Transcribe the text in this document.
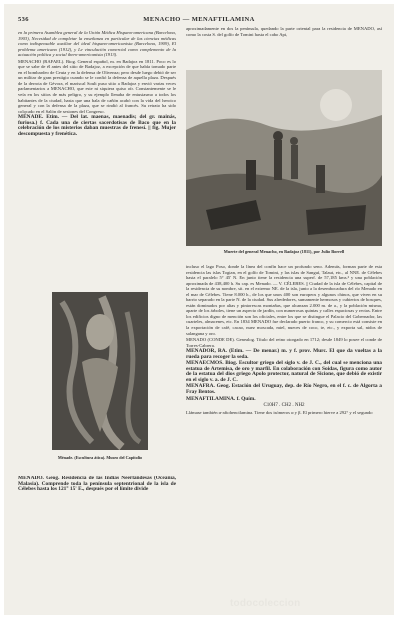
536	MENACHO — MENAFTILAMINA

en la primera Asamblea general de la Unión Médica Hispano-americana (Barcelona, 1903), Necesidad de completar la enseñanza en particular de las ciencias médicas como indispensable auxiliar del ideal hispano-americanista (Barcelona, 1909), El problema americano (1912), y Le vinculación comercial como complemento de la actuación política y social ibero-americanista (1913).

MENACHO (RAFAEL). Biog. General español, m. en Badajoz en 1811. Poco es lo que se sabe de él antes del sitio de Badajoz, a excepción de que había tomado parte en el bombardeo de Ceuta y en la defensa de Olivenza; pero desde luego debió de ser un militar de gran prestigio cuando se le confió la defensa de aquella plaza. Después de la derrota de Gévora, el mariscal Soult puso sitio a Badajoz y envió varias veces parlamentarios a MENACHO, que este ni siquiera quiso oír. Constantemente se le veía en los sitios de más peligro, y su ejemplo llenaba de entusiasmo a todos los habitantes de la ciudad, hasta que una bala de cañón acabó con la vida del heroico general y con la defensa de la plaza, que se rindió al francés. Su retrato ha sido colocado en el Salón de sesiones del Congreso.

MÉNADE. Etim. — Del lat. maenas, maenadis; del gr. mainás, furiosa.) f. Cada una de ciertas sacerdotisas de Baco que en la celebración de los misterios daban muestras de frenesí. || fig. Mujer descompuesta y frenética.

Ménade. (Escultura ática). Museo del Capitolio

MENADO. Geog. Residencia de las Indias Neerlandesas (Oceanía, Malasia). Comprende toda la península septentrional de la isla de Célebes hasta los 121° 15' E., después por el límite divide

aproximadamente en dos la península, quedando la parte oriental para la residencia de MENADO, así como la costa S. del golfo de Tomini hasta el cabo Api,

Muerte del general Menacho, en Badajoz (1811), por Julio Borrell

incluso el lago Poso, donde la línea del confín hace un profundo seno. Además, forman parte de esta residencia las islas Togian, en el golfo de Tomini, y las islas de Sanguí, Talaut, etc., al NNE. de Célebes hasta el paralelo 5° 45' N. En junto tiene la residencia una superf. de 57,185 kms.² y una población aproximada de 438,400 h. Su cap. es Menado. — V. CÉLEBES. || Ciudad de la isla de Célebes, capital de la residencia de su nombre, sit. en el extremo NE. de la isla, junto a la desembocadura del río Menado en el mar de Célebes. Tiene 8.000 h., de los que unos 400 son europeos y algunos chinos, que viven en su barrio separado en la parte N. de la ciudad. Sus alrededores, sumamente hermosos y cubiertos de bosques, están dominados por altas y pintorescas montañas, que alcanzan 2.000 m. de a., y la población misma, aparte de los árboles, tiene un aspecto de jardín, con numerosas quintas y calles espaciosas y rectas. Entre los edificios digno de mención son los oficiales, entre los que se distingue el Palacio del Gobernador, las cuarteles, almacenes, etc. En 1834 MENADO fue declarado puerto franco, y su comercio está consiste en la exportación de café, cacao, nuez moscada, miel, nueces de coco, te, etc., y exporta sal, nidos de salangana y oro.

MENADO (CONDE DE). Genealog. Título del reino otorgado en 1712; desde 1849 lo posee el conde de Torres-Cabrera.

MENADOR, RA. (Etim. — De menar.) m. y f. prov. Murc. El que da vueltas a la rueda para recoger la seda.

MENAECMOS. Biog. Escultor griego del siglo v. de J. C., del cual se menciona una estatua de Artemisa, de oro y marfil. En colaboración con Soidas, figura como autor de la estatua del dios griego Apolo protector, natural de Sicione, que debió de existir en el siglo v. a. de J. C.

MENAFRA. Geog. Estación del Uruguay, dep. de Río Negro, en el f. c. de Algorta a Fray Bentos.

MENAFTILAMINA. f. Quím.

C10H7 . CH2 . NH2

Llámase también α-aftohencilamina. Tiene dos isómeros α y β. El primero hierve a 292° y el segundo

todocoleccion
